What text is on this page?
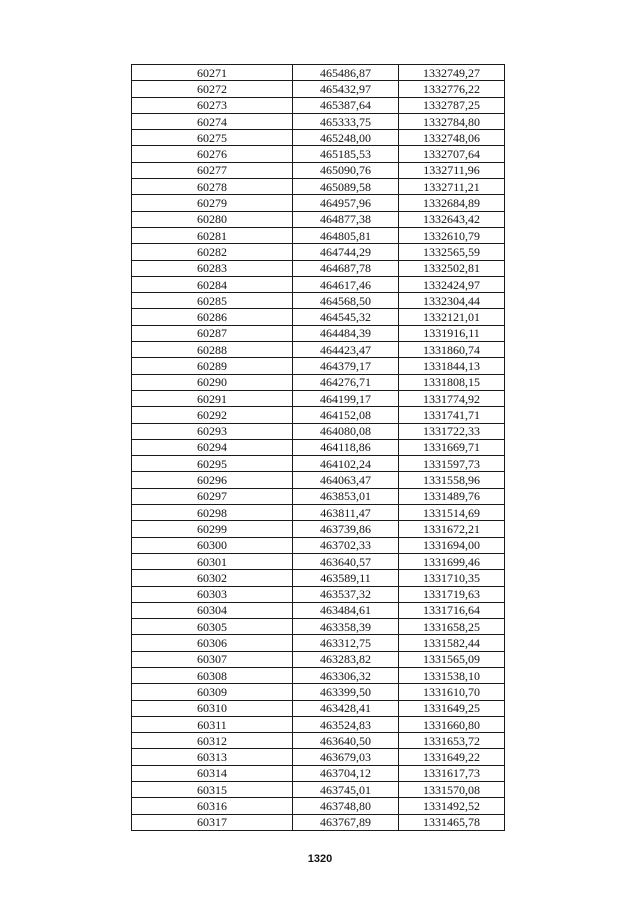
60271	465486,87	1332749,27
60272	465432,97	1332776,22
60273	465387,64	1332787,25
60274	465333,75	1332784,80
60275	465248,00	1332748,06
60276	465185,53	1332707,64
60277	465090,76	1332711,96
60278	465089,58	1332711,21
60279	464957,96	1332684,89
60280	464877,38	1332643,42
60281	464805,81	1332610,79
60282	464744,29	1332565,59
60283	464687,78	1332502,81
60284	464617,46	1332424,97
60285	464568,50	1332304,44
60286	464545,32	1332121,01
60287	464484,39	1331916,11
60288	464423,47	1331860,74
60289	464379,17	1331844,13
60290	464276,71	1331808,15
60291	464199,17	1331774,92
60292	464152,08	1331741,71
60293	464080,08	1331722,33
60294	464118,86	1331669,71
60295	464102,24	1331597,73
60296	464063,47	1331558,96
60297	463853,01	1331489,76
60298	463811,47	1331514,69
60299	463739,86	1331672,21
60300	463702,33	1331694,00
60301	463640,57	1331699,46
60302	463589,11	1331710,35
60303	463537,32	1331719,63
60304	463484,61	1331716,64
60305	463358,39	1331658,25
60306	463312,75	1331582,44
60307	463283,82	1331565,09
60308	463306,32	1331538,10
60309	463399,50	1331610,70
60310	463428,41	1331649,25
60311	463524,83	1331660,80
60312	463640,50	1331653,72
60313	463679,03	1331649,22
60314	463704,12	1331617,73
60315	463745,01	1331570,08
60316	463748,80	1331492,52
60317	463767,89	1331465,78
1320
